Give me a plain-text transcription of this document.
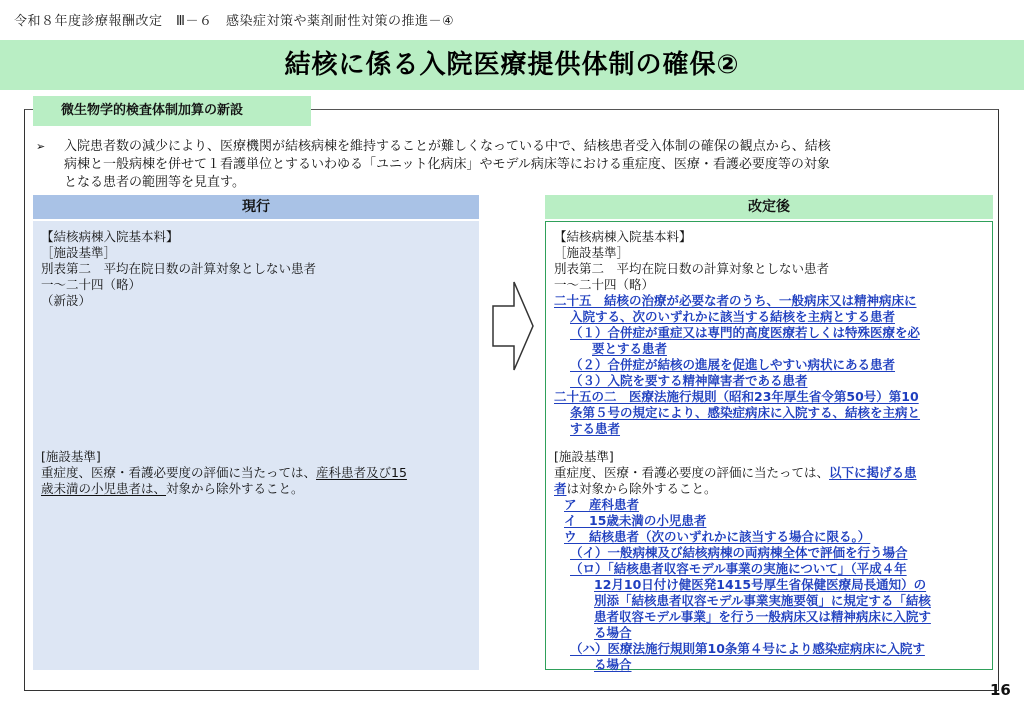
令和８年度診療報酬改定　Ⅲ－６　感染症対策や薬剤耐性対策の推進－④
結核に係る入院医療提供体制の確保②
微生物学的検査体制加算の新設
➢ 入院患者数の減少により、医療機関が結核病棟を維持することが難しくなっている中で、結核患者受入体制の確保の観点から、結核
病棟と一般病棟を併せて１看護単位とするいわゆる「ユニット化病床」やモデル病床等における重症度、医療・看護必要度等の対象
となる患者の範囲等を見直す。
現行	改定後
【結核病棟入院基本料】
［施設基準］
別表第二　平均在院日数の計算対象としない患者
一～二十四（略）
（新設）
[施設基準]
重症度、医療・看護必要度の評価に当たっては、産科患者及び15
歳未満の小児患者は、対象から除外すること。
【結核病棟入院基本料】
［施設基準］
別表第二　平均在院日数の計算対象としない患者
一～二十四（略）
二十五　結核の治療が必要な者のうち、一般病床又は精神病床に
入院する、次のいずれかに該当する結核を主病とする患者
（１）合併症が重症又は専門的高度医療若しくは特殊医療を必
要とする患者
（２）合併症が結核の進展を促進しやすい病状にある患者
（３）入院を要する精神障害者である患者
二十五の二　医療法施行規則（昭和23年厚生省令第50号）第10
条第５号の規定により、感染症病床に入院する、結核を主病と
する患者
[施設基準]
重症度、医療・看護必要度の評価に当たっては、以下に掲げる患
者は対象から除外すること。
ア　産科患者
イ　15歳未満の小児患者
ウ　結核患者（次のいずれかに該当する場合に限る。）
（イ）一般病棟及び結核病棟の両病棟全体で評価を行う場合
（ロ）「結核患者収容モデル事業の実施について」（平成４年
12月10日付け健医発1415号厚生省保健医療局長通知）の
別添「結核患者収容モデル事業実施要領」に規定する「結核
患者収容モデル事業」を行う一般病床又は精神病床に入院す
る場合
（ハ）医療法施行規則第10条第４号により感染症病床に入院す
る場合
16
